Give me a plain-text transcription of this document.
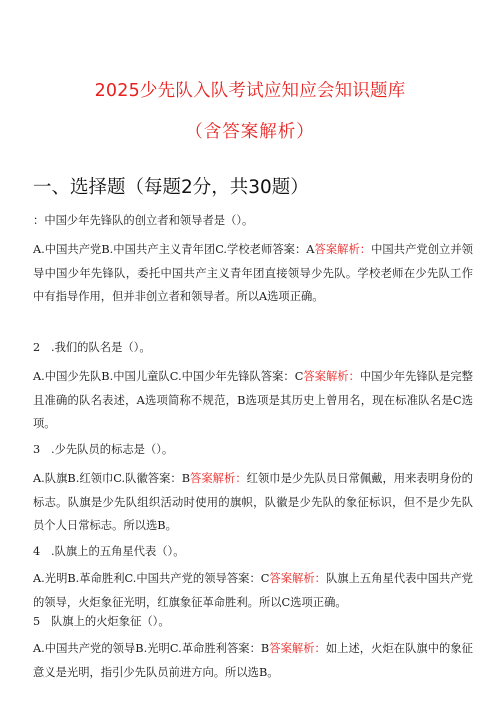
2025少先队入队考试应知应会知识题库
（含答案解析）
一、选择题（每题2分，共30题）

：中国少年先锋队的创立者和领导者是（）。

A.中国共产党B.中国共产主义青年团C.学校老师答案：A答案解析：中国共产党创立并领导中国少年先锋队，委托中国共产主义青年团直接领导少先队。学校老师在少先队工作中有指导作用，但并非创立者和领导者。所以A选项正确。

2 .我们的队名是（）。

A.中国少先队B.中国儿童队C.中国少年先锋队答案：C答案解析：中国少年先锋队是完整且准确的队名表述，A选项简称不规范，B选项是其历史上曾用名，现在标准队名是C选项。

3 .少先队员的标志是（）。

A.队旗B.红领巾C.队徽答案：B答案解析：红领巾是少先队员日常佩戴，用来表明身份的标志。队旗是少先队组织活动时使用的旗帜，队徽是少先队的象征标识，但不是少先队员个人日常标志。所以选B。

4 .队旗上的五角星代表（）。

A.光明B.革命胜利C.中国共产党的领导答案：C答案解析：队旗上五角星代表中国共产党的领导，火炬象征光明，红旗象征革命胜利。所以C选项正确。

5 队旗上的火炬象征（）。

A.中国共产党的领导B.光明C.革命胜利答案：B答案解析：如上述，火炬在队旗中的象征意义是光明，指引少先队员前进方向。所以选B。
